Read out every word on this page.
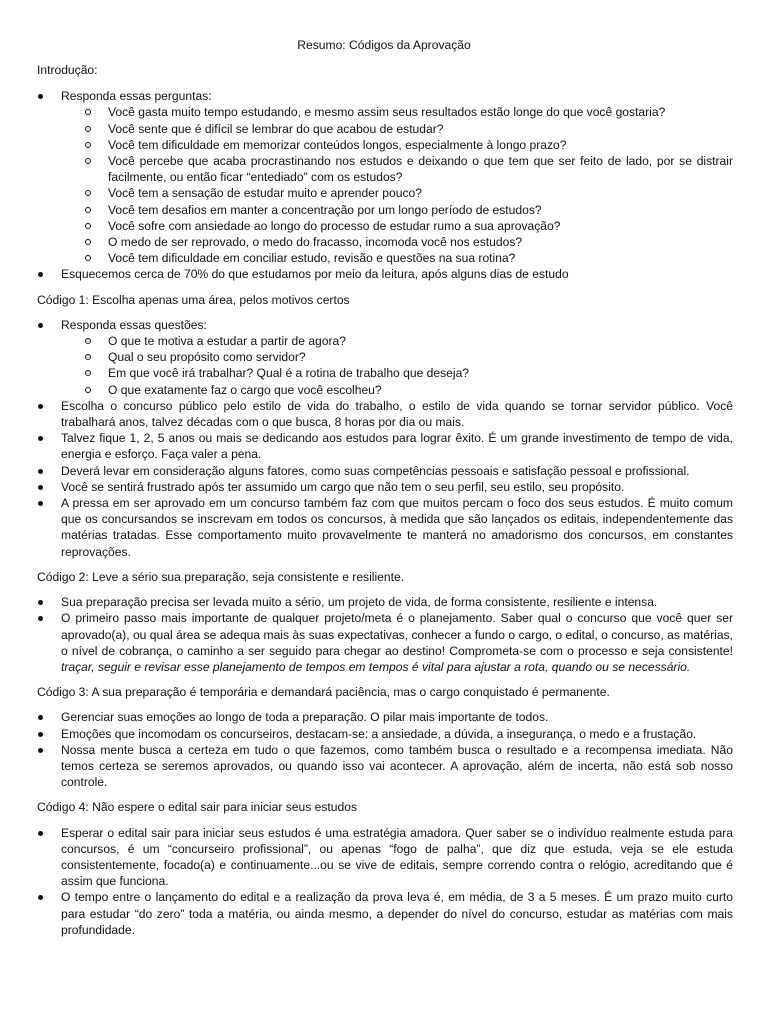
Resumo: Códigos da Aprovação

Introdução:

Responda essas perguntas:
Você gasta muito tempo estudando, e mesmo assim seus resultados estão longe do que você gostaria?
Você sente que é difícil se lembrar do que acabou de estudar?
Você tem dificuldade em memorizar conteúdos longos, especialmente à longo prazo?
Você percebe que acaba procrastinando nos estudos e deixando o que tem que ser feito de lado, por se distrair facilmente, ou então ficar “entediado” com os estudos?
Você tem a sensação de estudar muito e aprender pouco?
Você tem desafios em manter a concentração por um longo período de estudos?
Você sofre com ansiedade ao longo do processo de estudar rumo a sua aprovação?
O medo de ser reprovado, o medo do fracasso, incomoda você nos estudos?
Você tem dificuldade em conciliar estudo, revisão e questões na sua rotina?
Esquecemos cerca de 70% do que estudamos por meio da leitura, após alguns dias de estudo

Código 1: Escolha apenas uma área, pelos motivos certos

Responda essas questões:
O que te motiva a estudar a partir de agora?
Qual o seu propósito como servidor?
Em que você irá trabalhar? Qual é a rotina de trabalho que deseja?
O que exatamente faz o cargo que você escolheu?
Escolha o concurso público pelo estilo de vida do trabalho, o estilo de vida quando se tornar servidor público. Você trabalhará anos, talvez décadas com o que busca, 8 horas por dia ou mais.
Talvez fique 1, 2, 5 anos ou mais se dedicando aos estudos para lograr êxito. É um grande investimento de tempo de vida, energia e esforço. Faça valer a pena.
Deverá levar em consideração alguns fatores, como suas competências pessoais e satisfação pessoal e profissional.
Você se sentirá frustrado após ter assumido um cargo que não tem o seu perfil, seu estilo, seu propósito.
A pressa em ser aprovado em um concurso também faz com que muitos percam o foco dos seus estudos. É muito comum que os concursandos se inscrevam em todos os concursos, à medida que são lançados os editais, independentemente das matérias tratadas. Esse comportamento muito provavelmente te manterá no amadorismo dos concursos, em constantes reprovações.

Código 2: Leve a sério sua preparação, seja consistente e resiliente.

Sua preparação precisa ser levada muito a sério, um projeto de vida, de forma consistente, resiliente e intensa.
O primeiro passo mais importante de qualquer projeto/meta é o planejamento. Saber qual o concurso que você quer ser aprovado(a), ou qual área se adequa mais às suas expectativas, conhecer a fundo o cargo, o edital, o concurso, as matérias, o nível de cobrança, o caminho a ser seguido para chegar ao destino! Comprometa-se com o processo e seja consistente! traçar, seguir e revisar esse planejamento de tempos em tempos é vital para ajustar a rota, quando ou se necessário.

Código 3: A sua preparação é temporária e demandará paciência, mas o cargo conquistado é permanente.

Gerenciar suas emoções ao longo de toda a preparação. O pilar mais importante de todos.
Emoções que incomodam os concurseiros, destacam-se: a ansiedade, a dúvida, a insegurança, o medo e a frustação.
Nossa mente busca a certeza em tudo o que fazemos, como também busca o resultado e a recompensa imediata. Não temos certeza se seremos aprovados, ou quando isso vai acontecer. A aprovação, além de incerta, não está sob nosso controle.

Código 4: Não espere o edital sair para iniciar seus estudos

Esperar o edital sair para iniciar seus estudos é uma estratégia amadora. Quer saber se o indivíduo realmente estuda para concursos, é um “concurseiro profissional”, ou apenas “fogo de palha”, que diz que estuda, veja se ele estuda consistentemente, focado(a) e continuamente...ou se vive de editais, sempre correndo contra o relógio, acreditando que é assim que funciona.
O tempo entre o lançamento do edital e a realização da prova leva é, em média, de 3 a 5 meses. É um prazo muito curto para estudar “do zero” toda a matéria, ou ainda mesmo, a depender do nível do concurso, estudar as matérias com mais profundidade.
